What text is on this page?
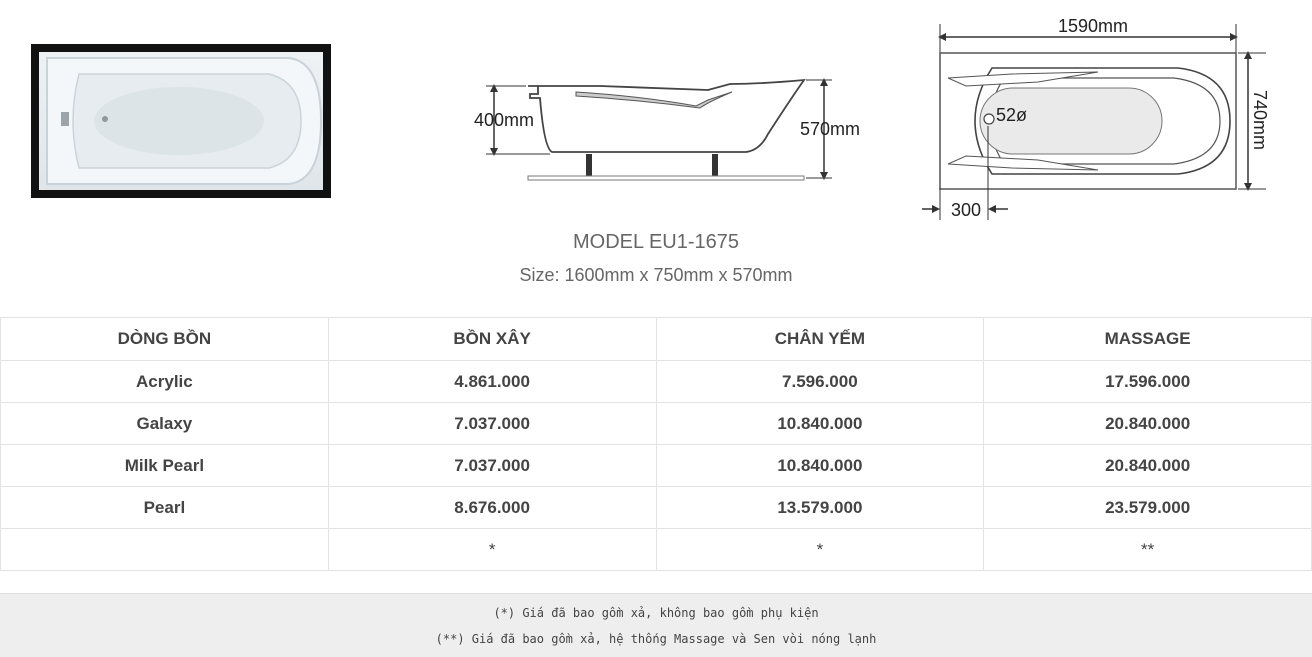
400mm	570mm
1590mm
52ø	740mm
300
MODEL EU1-1675
Size: 1600mm x 750mm x 570mm
DÒNG BỒN	BỒN XÂY	CHÂN YẾM	MASSAGE
Acrylic	4.861.000	7.596.000	17.596.000
Galaxy	7.037.000	10.840.000	20.840.000
Milk Pearl	7.037.000	10.840.000	20.840.000
Pearl	8.676.000	13.579.000	23.579.000
	*	*	**
(*) Giá đã bao gồm xả, không bao gồm phụ kiện
(**) Giá đã bao gồm xả, hệ thống Massage và Sen vòi nóng lạnh
